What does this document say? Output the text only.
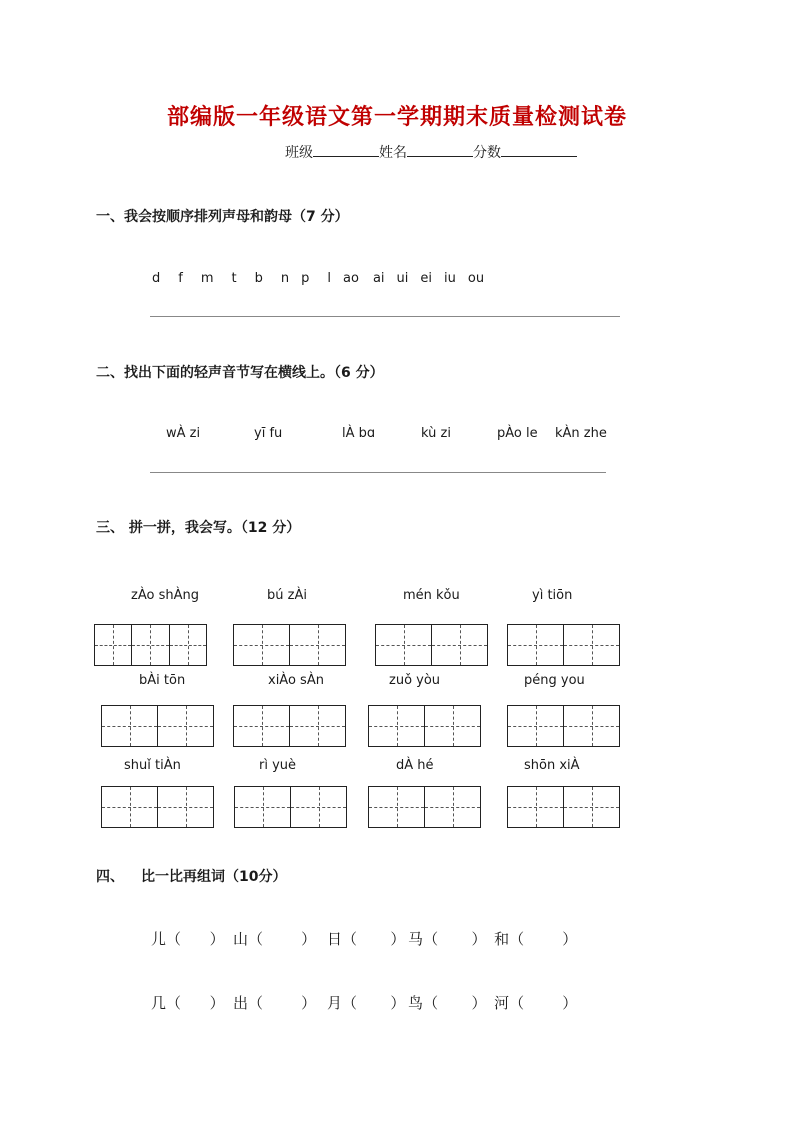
部编版一年级语文第一学期期末质量检测试卷
班级	姓名	分数
一、我会按顺序排列声母和韵母（7 分）
d f m t b n p l ao ai ui ei iu ou
二、找出下面的轻声音节写在横线上。（6 分）
wÀ zi	yī fu	lÀ bɑ	kù zi	pÀo le kÀn zhe
三、 拼一拼，我会写。（12 分）
zÀo shÀng	bú zÀi	mén kǒu	yì tiōn
bÀi tōn	xiÀo sÀn	zuǒ yòu	péng you
shuǐ tiÀn	rì yuè	dÀ hé	shōn xiÀ
四、 比一比再组词（10分）
儿（      ） 山（        ） 日（       ） 马（       ） 和（        ）
几（      ） 出（        ） 月（       ） 鸟（       ） 河（        ）
